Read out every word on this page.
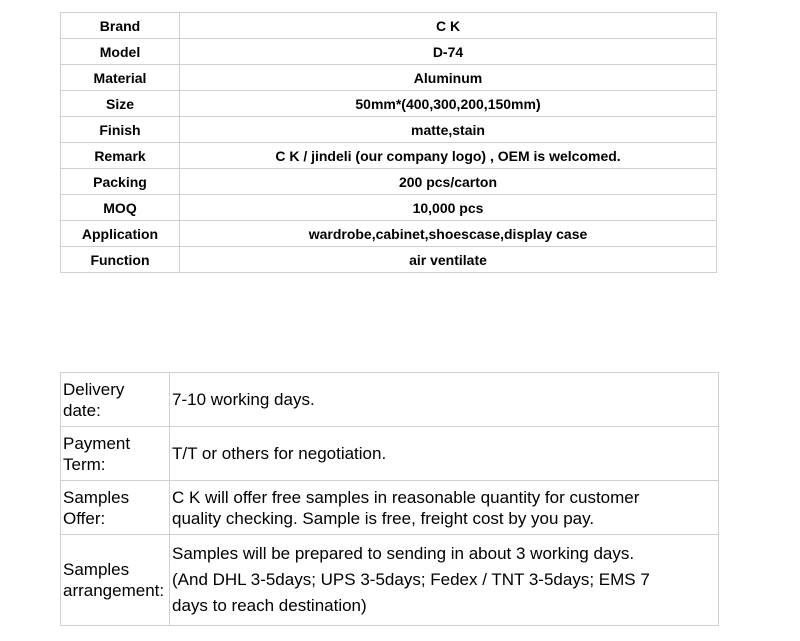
Brand	C K
Model	D-74
Material	Aluminum
Size	50mm*(400,300,200,150mm)
Finish	matte,stain
Remark	C K / jindeli (our company logo) , OEM is welcomed.
Packing	200 pcs/carton
MOQ	10,000 pcs
Application	wardrobe,cabinet,shoescase,display case
Function	air ventilate
Delivery
date:	7-10 working days.

Payment
Term:	T/T or others for negotiation.

Samples
Offer:	C K will offer free samples in reasonable quantity for customer
quality checking. Sample is free, freight cost by you pay.

Samples
arrangement:	Samples will be prepared to sending in about 3 working days.
(And DHL 3-5days; UPS 3-5days; Fedex / TNT 3-5days; EMS 7
days to reach destination)
